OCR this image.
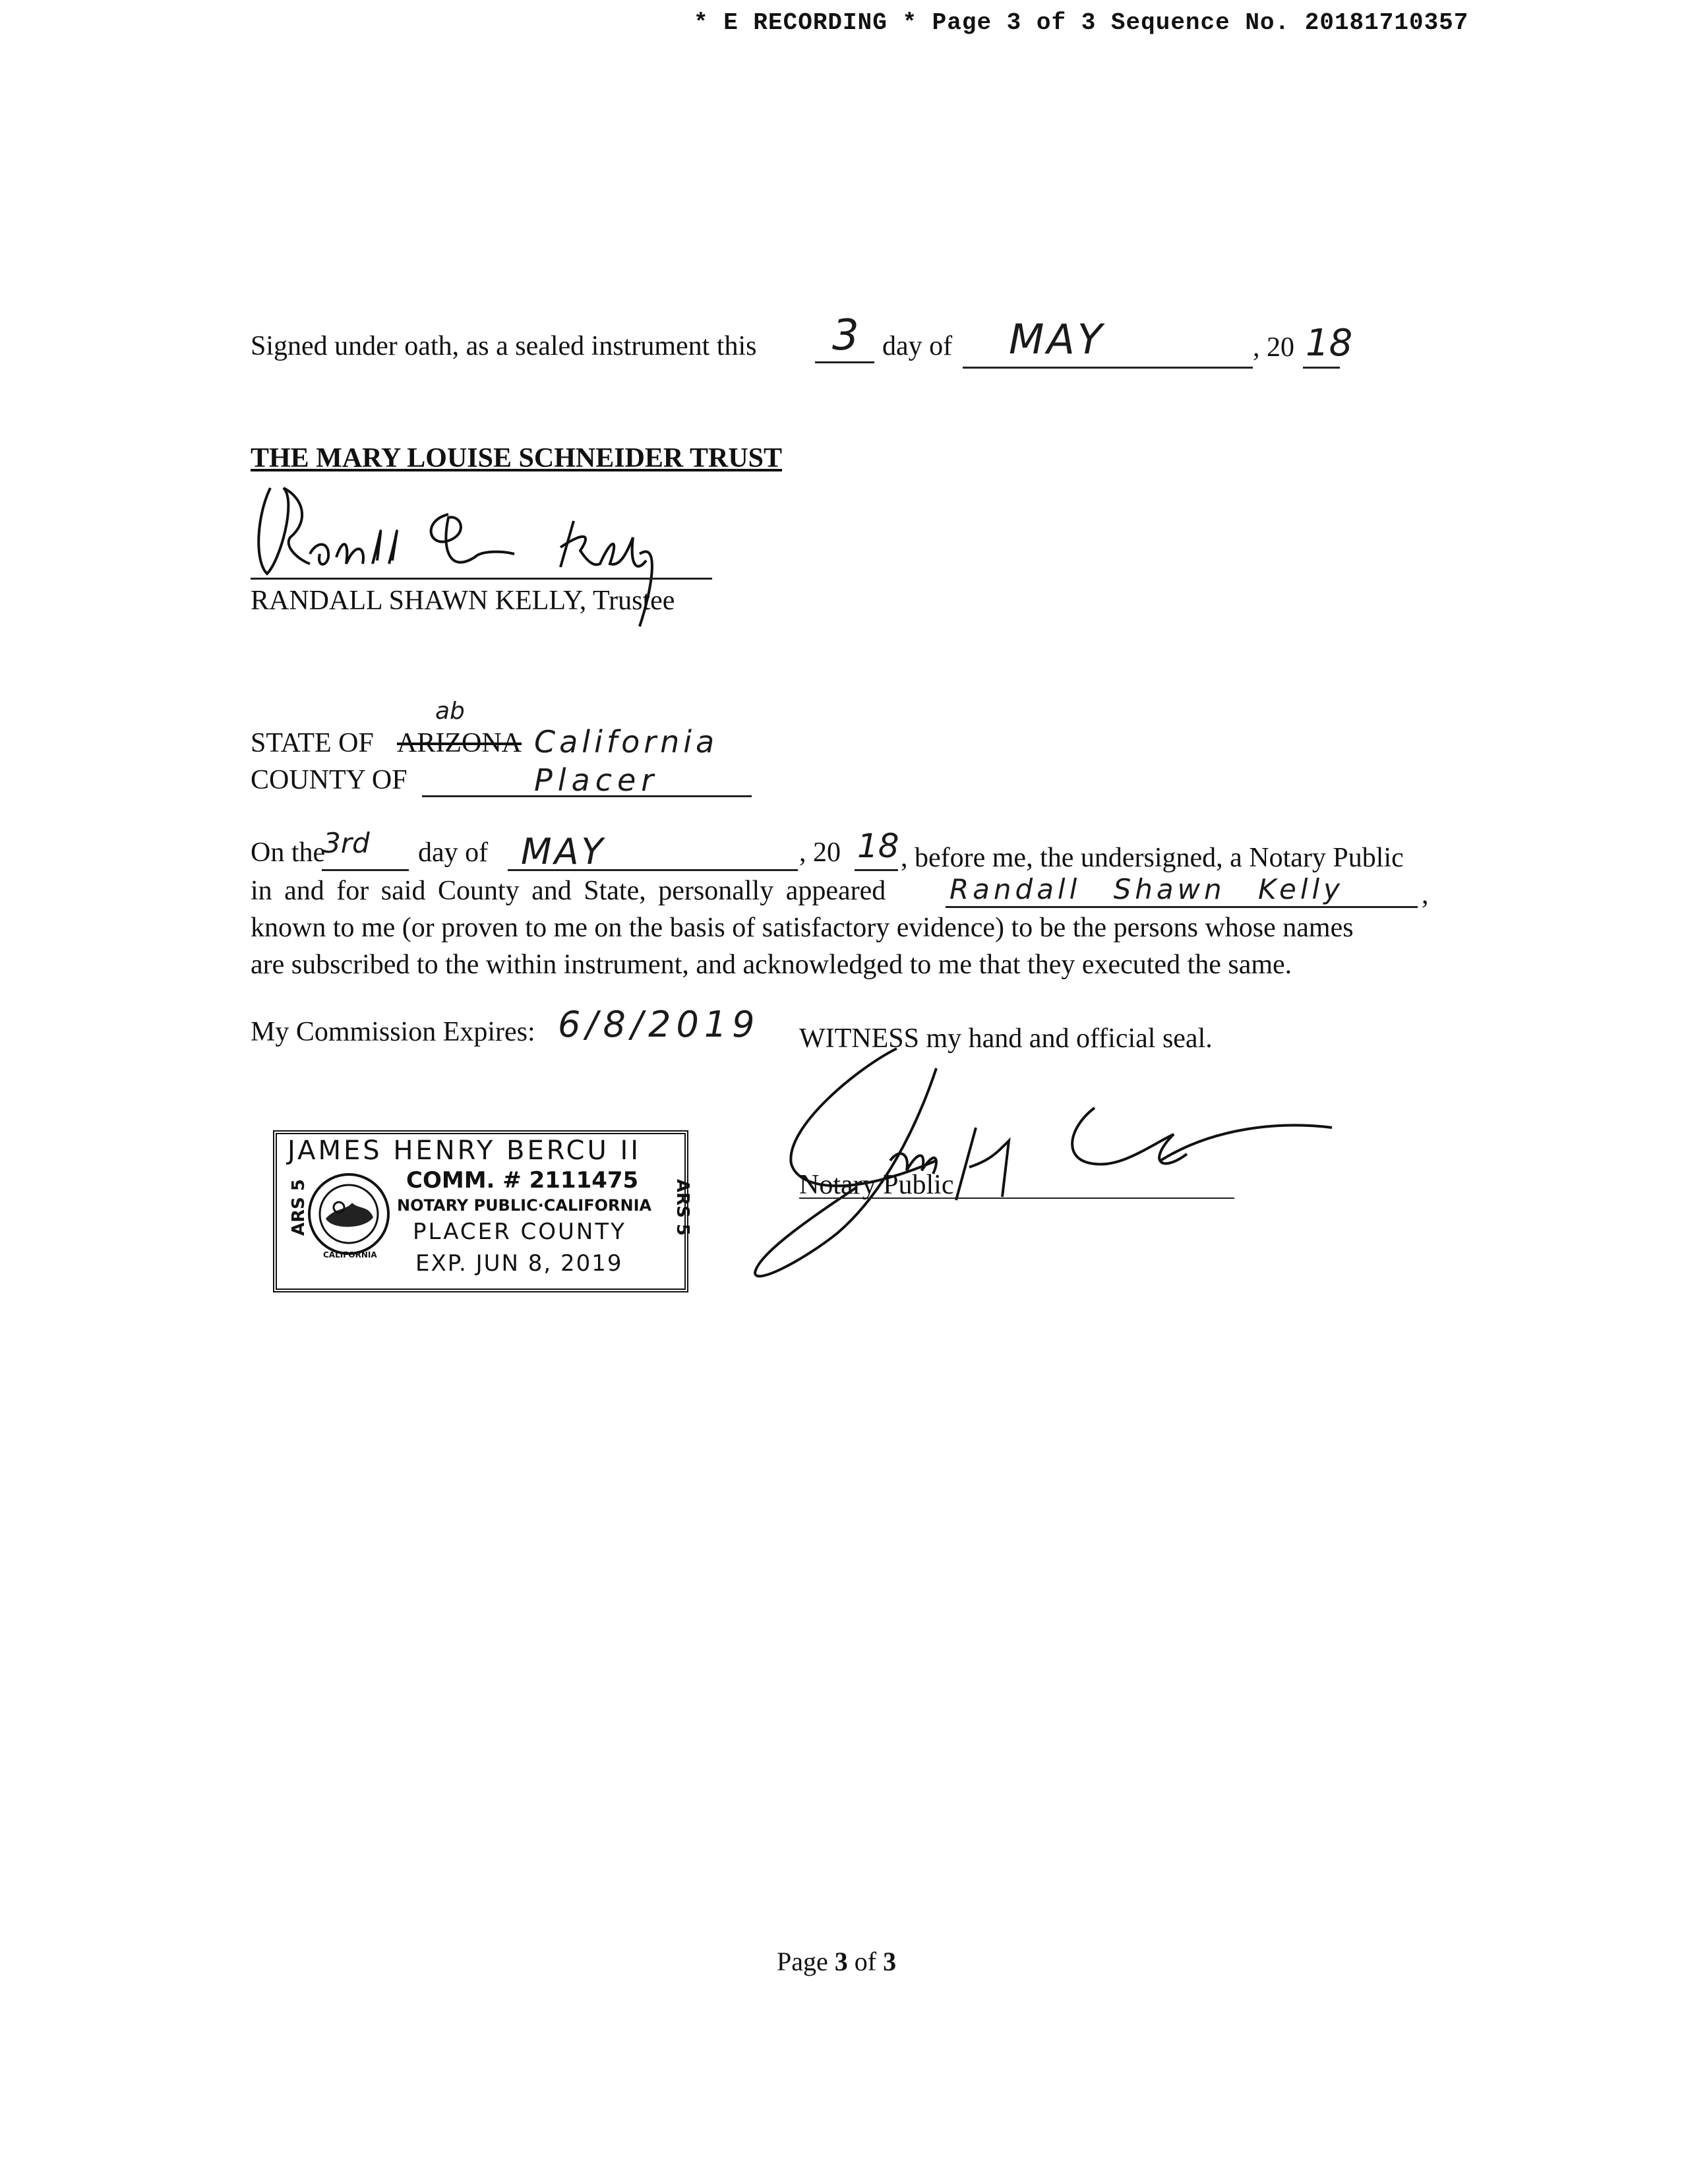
* E RECORDING * Page 3 of 3 Sequence No. 20181710357
Signed under oath, as a sealed instrument this 3 day of MAY	, 20 18
THE MARY LOUISE SCHNEIDER TRUST
RANDALL SHAWN KELLY, Trustee
STATE OF ARIZONA
ab
California
COUNTY OF	Placer
On the
3rd day of MAY	, 20 18 , before me, the undersigned, a Notary Public
in and for said County and State, personally appeared Randall Shawn Kelly	,
known to me (or proven to me on the basis of satisfactory evidence) to be the persons whose names
are subscribed to the within instrument, and acknowledged to me that they executed the same.
My Commission Expires: 6/8/2019 WITNESS my hand and official seal.
ARS 5	ARS 5
CALIFORNIA
JAMES HENRY BERCU II
COMM. # 2111475
NOTARY PUBLIC·CALIFORNIA
PLACER COUNTY
EXP. JUN 8, 2019
Notary Public
Page 3 of 3
